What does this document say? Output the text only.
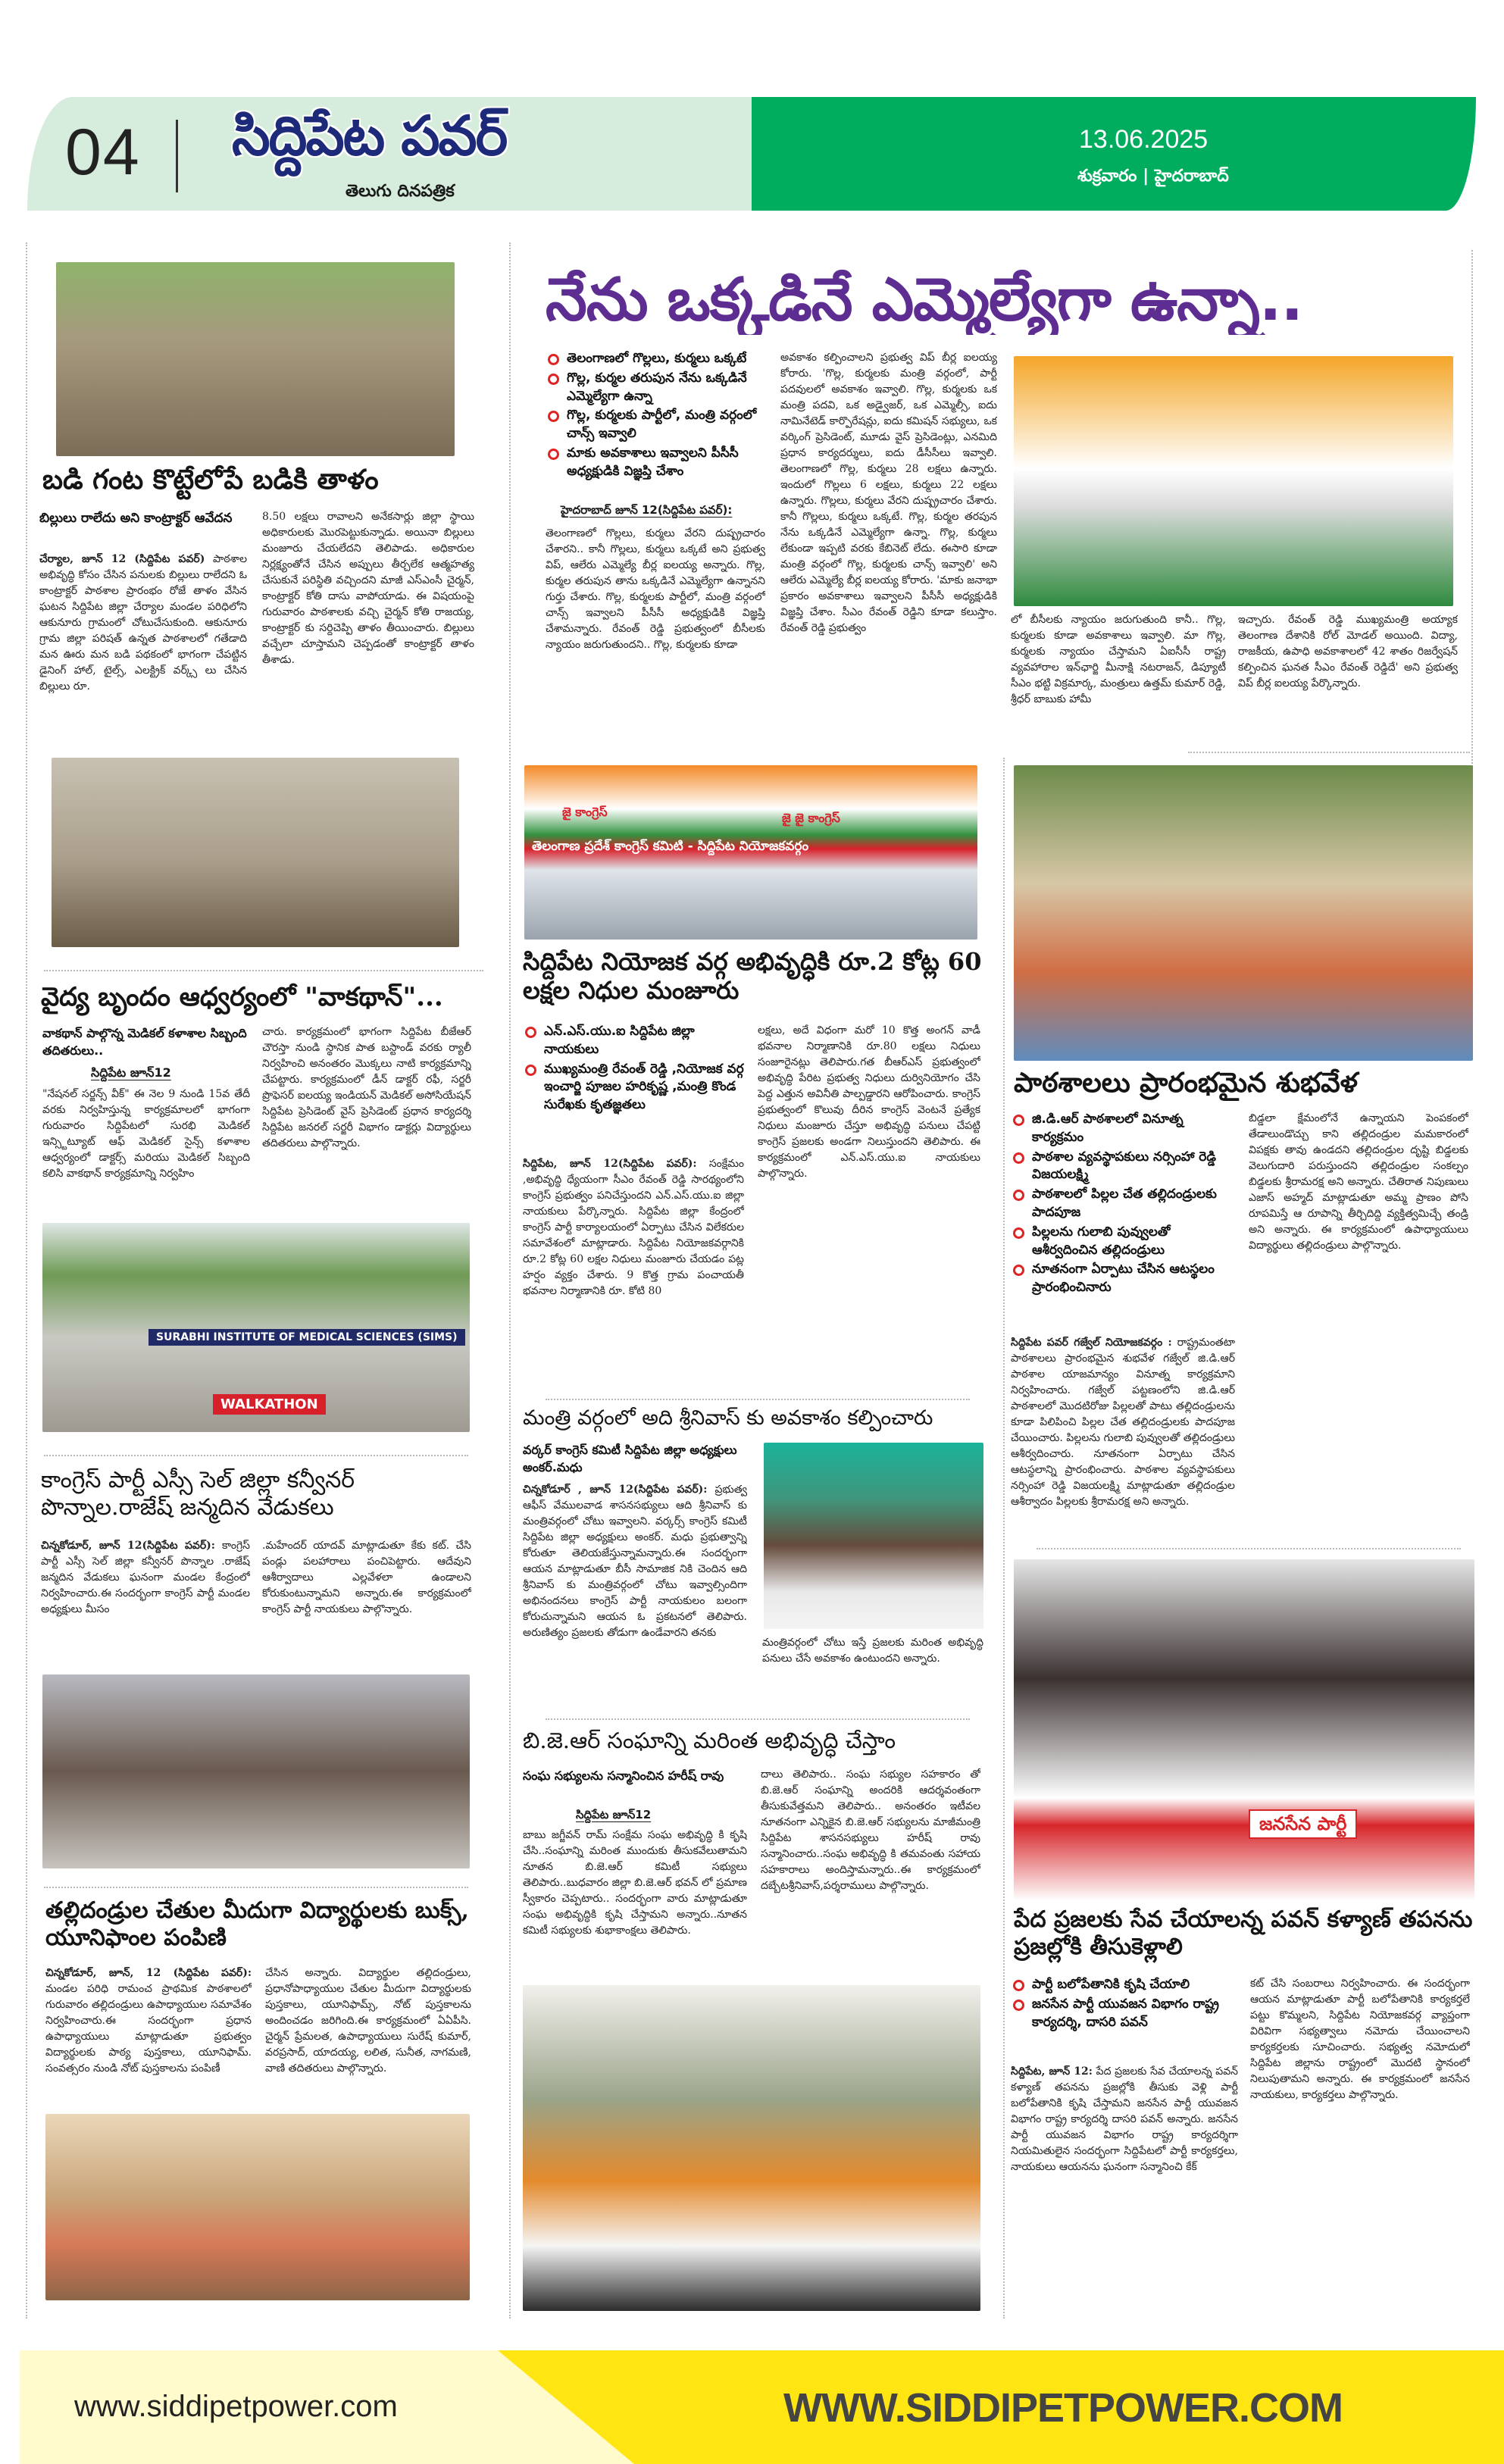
04 సిద్దిపేట పవర్
తెలుగు దినపత్రిక
13.06.2025
శుక్రవారం | హైదరాబాద్
బడి గంట కొట్టేలోపే బడికి తాళం
బిల్లులు రాలేదు అని కాంట్రాక్టర్ ఆవేదన
చేర్యాల, జూన్ 12 (సిద్దిపేట పవర్) పాఠశాల అభివృద్ధి కోసం చేసిన పనులకు బిల్లులు రాలేదని ఓ కాంట్రాక్టర్ పాఠశాల ప్రారంభం రోజే తాళం వేసిన ఘటన సిద్దిపేట జిల్లా చేర్యాల మండల పరిధిలోని ఆకునూరు గ్రామంలో చోటుచేసుకుంది. ఆకునూరు గ్రామ జిల్లా పరిషత్ ఉన్నత పాఠశాలలో గతేడాది మన ఊరు మన బడి పథకంలో భాగంగా చేపట్టిన డైనింగ్ హాల్, టైల్స్, ఎలక్ట్రిక్ వర్క్స్ లు చేసిన బిల్లులు రూ.
8.50 లక్షలు రావాలని అనేకసార్లు జిల్లా స్థాయి అధికారులకు మొరపెట్టుకున్నాడు. అయినా బిల్లులు మంజూరు చేయలేదని తెలిపాడు. అధికారుల నిర్లక్ష్యంతోనే చేసిన అప్పులు తీర్చలేక ఆత్మహత్య చేసుకునే పరిస్థితి వచ్చిందని మాజీ ఎస్ఎంసీ చైర్మన్, కాంట్రాక్టర్ కోతి దాసు వాపోయాడు. ఈ విషయంపై గురువారం పాఠశాలకు వచ్చి చైర్మన్ కోతి రాజయ్య, కాంట్రాక్టర్ కు సర్దిచెప్పి తాళం తీయించారు. బిల్లులు వచ్చేలా చూస్తామని చెప్పడంతో కాంట్రాక్టర్ తాళం తీశాడు.
వైద్య బృందం ఆధ్వర్యంలో "వాకథాన్"...
వాకథాన్ పాల్గొన్న మెడికల్ కళాశాల సిబ్బంది తదితరులు..
సిద్దిపేట జూన్12
"నేషనల్ సర్జన్స్ వీక్" ఈ నెల 9 నుండి 15వ తేదీ వరకు నిర్వహిస్తున్న కార్యక్రమాలలో భాగంగా గురువారం సిద్దిపేటలో సురభి మెడికల్ ఇన్స్టిట్యూట్ ఆఫ్ మెడికల్ సైన్స్ కళాశాల ఆధ్వర్యంలో డాక్టర్స్ మరియు మెడికల్ సిబ్బంది కలిసి వాకథాన్ కార్యక్రమాన్ని నిర్వహిం
చారు. కార్యక్రమంలో భాగంగా సిద్దిపేట బీజేఆర్ చౌరస్తా నుండి స్థానిక పాత బస్టాండ్ వరకు ర్యాలీ నిర్వహించి అనంతరం మొక్కలు నాటి కార్యక్రమాన్ని చేపట్టారు. కార్యక్రమంలో డీన్ డాక్టర్ రఫీ, సర్జరీ ప్రొఫెసర్ ఐలయ్య ఇండియన్ మెడికల్ అసోసియేషన్ సిద్దిపేట ప్రెసిడెంట్ వైస్ ప్రెసిడెంట్ ప్రధాన కార్యదర్శి సిద్దిపేట జనరల్ సర్జరీ విభాగం డాక్టర్లు విద్యార్థులు తదితరులు పాల్గొన్నారు.
SURABHI INSTITUTE OF MEDICAL SCIENCES (SIMS)
WALKATHON
కాంగ్రెస్ పార్టీ ఎస్సీ సెల్ జిల్లా కన్వీనర్ పొన్నాల.రాజేష్ జన్మదిన వేడుకలు
చిన్నకోడూర్, జూన్ 12(సిద్దిపేట పవర్): కాంగ్రెస్ పార్టీ ఎస్సీ సెల్ జిల్లా కన్వీనర్ పొన్నాల .రాజేష్ జన్మదిన వేడుకలు ఘనంగా మండల కేంద్రంలో నిర్వహించారు.ఈ సందర్భంగా కాంగ్రెస్ పార్టీ మండల అధ్యక్షులు మీసం
.మహేందర్ యాదవ్ మాట్లాడుతూ కేకు కట్. చేసి పండ్లు పలహారాలు పంచిపెట్టారు. ఆదేవుని ఆశీర్వాదాలు ఎల్లవేళలా ఉండాలని కోరుకుంటున్నామని అన్నారు.ఈ కార్యక్రమంలో కాంగ్రెస్ పార్టీ నాయకులు పాల్గొన్నారు.
తల్లిదండ్రుల చేతుల మీదుగా విద్యార్థులకు బుక్స్, యూనిఫాంల పంపిణి
చిన్నకోడూర్, జూన్, 12 (సిద్దిపేట పవర్): మండల పరిధి రామంచ ప్రాథమిక పాఠశాలలో గురువారం తల్లిదండ్రులు ఉపాధ్యాయుల సమావేశం నిర్వహించారు.ఈ సందర్భంగా ప్రధాన ఉపాధ్యాయులు మాట్లాడుతూ ప్రభుత్వం విద్యార్థులకు పాఠ్య పుస్తకాలు, యూనిఫామ్. సంవత్సరం నుండి నోట్ పుస్తకాలను పంపిణీ
చేసిన అన్నారు. విద్యార్థుల తల్లిదండ్రులు, ప్రధానోపాధ్యాయుల చేతుల మీదుగా విద్యార్థులకు పుస్తకాలు, యూనిఫామ్స్, నోట్ పుస్తకాలను అందించడం జరిగింది.ఈ కార్యక్రమంలో ఏఏపీసి. చైర్మన్ ప్రేమలత, ఉపాధ్యాయులు సురేష్ కుమార్, వరప్రసాద్, యాదయ్య, లలిత, సునీత, నాగమణి, వాణి తదితరులు పాల్గొన్నారు.
నేను ఒక్కడినే ఎమ్మెల్యేగా ఉన్నా..
తెలంగాణలో గొల్లలు, కుర్మలు ఒక్కటే
గొల్ల, కుర్మల తరుపున నేను ఒక్కడినే ఎమ్మెల్యేగా ఉన్నా
గొల్ల, కుర్మలకు పార్టీలో, మంత్రి వర్గంలో చాన్స్ ఇవ్వాలి
మాకు అవకాశాలు ఇవ్వాలని పీసీసీ అధ్యక్షుడికి విజ్ఞప్తి చేశాం
హైదరాబాద్ జూన్ 12(సిద్దిపేట పవర్):
తెలంగాణలో గొల్లలు, కుర్మలు వేరని దుష్ప్రచారం చేశారని.. కానీ గొల్లలు, కుర్మలు ఒక్కటే అని ప్రభుత్వ విప్, ఆలేరు ఎమ్మెల్యే బీర్ల ఐలయ్య అన్నారు. గొల్ల, కుర్మల తరుపున తాను ఒక్కడినే ఎమ్మెల్యేగా ఉన్నానని గుర్తు చేశారు. గొల్ల, కుర్మలకు పార్టీలో, మంత్రి వర్గంలో చాన్స్ ఇవ్వాలని పీసీసీ అధ్యక్షుడికి విజ్ఞప్తి చేశామన్నారు. రేవంత్ రెడ్డి ప్రభుత్వంలో బీసీలకు న్యాయం జరుగుతుందని.. గొల్ల, కుర్మలకు కూడా
అవకాశం కల్పించాలని ప్రభుత్వ విప్ బీర్ల ఐలయ్య కోరారు. 'గొల్ల, కుర్మలకు మంత్రి వర్గంలో, పార్టీ పదవులలో అవకాశం ఇవ్వాలి. గొల్ల, కుర్మలకు ఒక మంత్రి పదవి, ఒక అడ్వైజర్, ఒక ఎమ్మెల్సీ, ఐదు నామినేటెడ్ కార్పొరేషన్లు, ఐదు కమిషన్ సభ్యులు, ఒక వర్కింగ్ ప్రెసిడెంట్, మూడు వైస్ ప్రెసిడెంట్లు, ఎనమిది ప్రధాన కార్యదర్శులు, ఐదు డీసీసీలు ఇవ్వాలి. తెలంగాణలో గొల్ల, కుర్మలు 28 లక్షలు ఉన్నారు. ఇందులో గొల్లలు 6 లక్షలు, కుర్మలు 22 లక్షలు ఉన్నారు. గొల్లలు, కుర్మలు వేరని దుష్ప్రచారం చేశారు. కానీ గొల్లలు, కుర్మలు ఒక్కటే. గొల్ల, కుర్మల తరపున నేను ఒక్కడినే ఎమ్మెల్యేగా ఉన్నా. గొల్ల, కుర్మలు లేకుండా ఇప్పటి వరకు కేబినెట్ లేదు. ఈసారి కూడా మంత్రి వర్గంలో గొల్ల, కుర్మలకు చాన్స్ ఇవ్వాలి' అని ఆలేరు ఎమ్మెల్యే బీర్ల ఐలయ్య కోరారు. 'మాకు జనాభా ప్రకారం అవకాశాలు ఇవ్వాలని పీసీసీ అధ్యక్షుడికి విజ్ఞప్తి చేశాం. సీఎం రేవంత్ రెడ్డిని కూడా కలుస్తాం. రేవంత్ రెడ్డి ప్రభుత్వం
లో బీసీలకు న్యాయం జరుగుతుంది కానీ.. గొల్ల, కుర్మలకు కూడా అవకాశాలు ఇవ్వాలి. మా గొల్ల, కుర్మలకు న్యాయం చేస్తామని ఏఐసీసీ రాష్ట్ర వ్యవహారాల ఇన్‌ఛార్జి మీనాక్షి నటరాజన్, డిప్యూటీ సీఎం భట్టి విక్రమార్క, మంత్రులు ఉత్తమ్ కుమార్ రెడ్డి, శ్రీధర్ బాబుకు హామీ
ఇచ్చారు. రేవంత్ రెడ్డి ముఖ్యమంత్రి అయ్యాక తెలంగాణ దేశానికి రోల్ మోడల్ అయింది. విద్యా, రాజకీయ, ఉపాధి అవకాశాలలో 42 శాతం రిజర్వేషన్ కల్పించిన ఘనత సీఎం రేవంత్ రెడ్డిదే' అని ప్రభుత్వ విప్ బీర్ల ఐలయ్య పేర్కొన్నారు.
తెలంగాణ ప్రదేశ్ కాంగ్రెస్ కమిటి - సిద్దిపేట నియోజకవర్గం
జై కాంగ్రెస్	జై జై కాంగ్రెస్
సిద్దిపేట నియోజక వర్గ అభివృద్ధికి రూ.2 కోట్ల 60 లక్షల నిధుల మంజూరు
ఎన్.ఎస్.యు.ఐ సిద్దిపేట జిల్లా నాయకులు
ముఖ్యమంత్రి రేవంత్ రెడ్డి ,నియోజక వర్గ ఇంచార్జి పూజల హరికృష్ణ ,మంత్రి కొండ సురేఖకు కృతజ్ఞతలు
సిద్దిపేట, జూన్ 12(సిద్దిపేట పవర్): సంక్షేమం ,అభివృద్ధి ధ్యేయంగా సీఎం రేవంత్ రెడ్డి సారథ్యంలోని కాంగ్రెస్ ప్రభుత్వం పనిచేస్తుందని ఎన్.ఎస్.యు.ఐ జిల్లా నాయకులు పేర్కొన్నారు. సిద్దిపేట జిల్లా కేంద్రంలో కాంగ్రెస్ పార్టీ కార్యాలయంలో ఏర్పాటు చేసిన విలేకరుల సమావేశంలో మాట్లాడారు. సిద్దిపేట నియోజకవర్గానికి రూ.2 కోట్ల 60 లక్షల నిధులు మంజూరు చేయడం పట్ల హర్షం వ్యక్తం చేశారు. 9 కొత్త గ్రామ పంచాయతీ భవనాల నిర్మాణానికి రూ. కోటి 80
లక్షలు, అదే విధంగా మరో 10 కొత్త అంగన్ వాడీ భవనాల నిర్మాణానికి రూ.80 లక్షలు నిధులు సంజూరైనట్లు తెలిపారు.గత బీఆర్ఎస్ ప్రభుత్వంలో అభివృద్ధి పేరిట ప్రభుత్వ నిధులు దుర్వినియోగం చేసి పెద్ద ఎత్తున అవినీతి పాల్పడ్డారని ఆరోపించారు. కాంగ్రెస్ ప్రభుత్వంలో కొలువు దీరిన కాంగ్రెస్ వెంటనే ప్రత్యేక నిధులు మంజూరు చేస్తూ అభివృద్ధి పనులు చేపట్టి కాంగ్రెస్ ప్రజలకు అండగా నిలుస్తుందని తెలిపారు. ఈ కార్యక్రమంలో ఎన్.ఎస్.యు.ఐ నాయకులు పాల్గొన్నారు.
మంత్రి వర్గంలో అది శ్రీనివాస్ కు అవకాశం కల్పించారు
వర్కర్ కాంగ్రెస్ కమిటీ సిద్దిపేట జిల్లా అధ్యక్షులు అంకర్.మధు
చిన్నకోడూర్ , జూన్ 12(సిద్దిపేట పవర్): ప్రభుత్వ ఆఫీస్ వేములవాడ శాసనసభ్యులు ఆది శ్రీనివాస్ కు మంత్రివర్గంలో చోటు ఇవ్వాలని. వర్కర్స్ కాంగ్రెస్ కమిటీ సిద్దిపేట జిల్లా అధ్యక్షులు అంకర్. మధు ప్రభుత్వాన్ని కోరుతూ తెలియజేస్తున్నామన్నారు.ఈ సందర్భంగా ఆయన మాట్లాడుతూ బీసీ సామాజిక నికి చెందిన ఆది శ్రీనివాస్ కు మంత్రివర్గంలో చోటు ఇవ్వాల్సిందిగా అభినందనలు కాంగ్రెస్ పార్టీ నాయకులం బలంగా కోరుచున్నామని ఆయన ఓ ప్రకటనలో తెలిపారు. అరుణిత్యం ప్రజలకు తోడుగా ఉండేవారని తనకు
మంత్రివర్గంలో చోటు ఇస్తే ప్రజలకు మరింత అభివృద్ధి పనులు చేసే అవకాశం ఉంటుందని అన్నారు.
బి.జె.ఆర్ సంఘాన్ని మరింత అభివృద్ధి చేస్తాం
సంఘ సభ్యులను సన్మానించిన హరీష్ రావు
సిద్దిపేట జూన్12
బాబు జగ్జీవన్ రామ్ సంక్షేమ సంఘ అభివృద్ధి కి కృషి చేసి..సంఘాన్ని మరింత ముందుకు తీసుకవేలుతామని నూతన బి.జె.ఆర్ కమిటీ సభ్యులు తెలిపారు..బుధవారం జిల్లా బి.జె.ఆర్ భవన్ లో ప్రమాణ స్వీకారం చెప్పటారు.. సందర్భంగా వారు మాట్లాడుతూ సంఘ అభివృద్ధికి కృషి చేస్తామని అన్నారు..నూతన కమిటీ సభ్యులకు శుభాకాంక్షలు తెలిపారు.
దాలు తెలిపారు.. సంఘ సభ్యుల సహకారం తో బి.జె.ఆర్ సంఘాన్ని అందరికి ఆదర్శవంతంగా తీసుకువేత్తమని తెలిపారు.. అనంతరం ఇటీవల నూతనంగా ఎన్నికైన బి.జె.ఆర్ సభ్యులను మాజీమంత్రి సిద్దిపేట శాసనసభ్యులు హరీష్ రావు సన్మానించారు..సంఘ అభివృద్ధి కి తమవంతు సహాయ సహకారాలు అందిస్తామన్నారు..ఈ కార్యక్రమంలో దబ్బేటశ్రీనివాస్,పర్శరాములు పాల్గొన్నారు.
పాఠశాలలు ప్రారంభమైన శుభవేళ
జి.డి.ఆర్ పాఠశాలలో వినూత్న కార్యక్రమం
పాఠశాల వ్యవస్థాపకులు నర్సింహా రెడ్డి విజయలక్ష్మి
పాఠశాలలో పిల్లల చేత తల్లిదండ్రులకు పాదపూజ
పిల్లలను గులాబి పువ్వులతో ఆశీర్వదించిన తల్లిదండ్రులు
నూతనంగా ఏర్పాటు చేసిన ఆటస్థలం ప్రారంభించినారు
సిద్దిపేట పవర్ గజ్వేల్ నియోజకవర్గం : రాష్ట్రమంతటా పాఠశాలలు ప్రారంభమైన శుభవేళ గజ్వేల్ జి.డి.ఆర్ పాఠశాల యాజమాన్యం వినూత్న కార్యక్రమాని నిర్వహించారు. గజ్వేల్ పట్టణంలోని జి.డి.ఆర్ పాఠశాలలో మొదటిరోజు పిల్లలతో పాటు తల్లిదండ్రులను కూడా పిలిపించి పిల్లల చేత తల్లిదండ్రులకు పాదపూజ చేయించారు. పిల్లలను గులాబి పువ్వులతో తల్లిదండ్రులు ఆశీర్వదించారు. నూతనంగా ఏర్పాటు చేసిన ఆటస్థలాన్ని ప్రారంభించారు. పాఠశాల వ్యవస్థాపకులు నర్సింహా రెడ్డి విజయలక్ష్మి మాట్లాడుతూ తల్లిదండ్రుల ఆశీర్వాదం పిల్లలకు శ్రీరామరక్ష అని అన్నారు.
బిడ్డలా క్షేమంలోనే ఉన్నాయని పెంపకంలో తేడాలుండొచ్చు కాని తల్లిదండ్రుల మమకారంలో విపక్షకు తావు ఉండదని తల్లిదండ్రుల దృష్టి బిడ్డలకు వెలుగుదారి పరుస్తుందని తల్లిదండ్రుల సంకల్పం బిడ్డలకు శ్రీరామరక్ష అని అన్నారు. చేతిరాత నిపుణులు ఎజాస్ అహ్మద్ మాట్లాడుతూ అమ్మ ప్రాణం పోసి రూపమిస్తే ఆ రూపాన్ని తీర్చిదిద్ది వ్యక్తిత్వమిచ్చే తండ్రి అని అన్నారు. ఈ కార్యక్రమంలో ఉపాధ్యాయులు విద్యార్థులు తల్లిదండ్రులు పాల్గొన్నారు.
జనసేన పార్టీ
పేద ప్రజలకు సేవ చేయాలన్న పవన్ కళ్యాణ్ తపనను ప్రజల్లోకి తీసుకెళ్లాలి
పార్టీ బలోపేతానికి కృషి చేయాలి
జనసేన పార్టీ యువజన విభాగం రాష్ట్ర కార్యదర్శి, దాసరి పవన్
సిద్దిపేట, జూన్ 12: పేద ప్రజలకు సేవ చేయాలన్న పవన్ కళ్యాణ్ తపనను ప్రజల్లోకి తీసుకు వెళ్లి పార్టీ బలోపేతానికి కృషి చేస్తామని జనసేన పార్టీ యువజన విభాగం రాష్ట్ర కార్యదర్శి దాసరి పవన్ అన్నారు. జనసేన పార్టీ యువజన విభాగం రాష్ట్ర కార్యదర్శిగా నియమితులైన సందర్భంగా సిద్దిపేటలో పార్టీ కార్యకర్తలు, నాయకులు ఆయనను ఘనంగా సన్మానించి కేక్
కట్ చేసి సంబరాలు నిర్వహించారు. ఈ సందర్భంగా ఆయన మాట్లాడుతూ పార్టీ బలోపేతానికి కార్యకర్తలే పట్టు కొమ్మలని, సిద్దిపేట నియోజకవర్గ వ్యాప్తంగా విరివిగా సభ్యత్వాలు నమోదు చేయించాలని కార్యకర్తలకు సూచించారు. సభ్యత్వ నమోదులో సిద్దిపేట జిల్లాను రాష్ట్రంలో మొదటి స్థానంలో నిలుపుతామని అన్నారు. ఈ కార్యక్రమంలో జనసేన నాయకులు, కార్యకర్తలు పాల్గొన్నారు.
www.siddipetpower.com	WWW.SIDDIPETPOWER.COM
